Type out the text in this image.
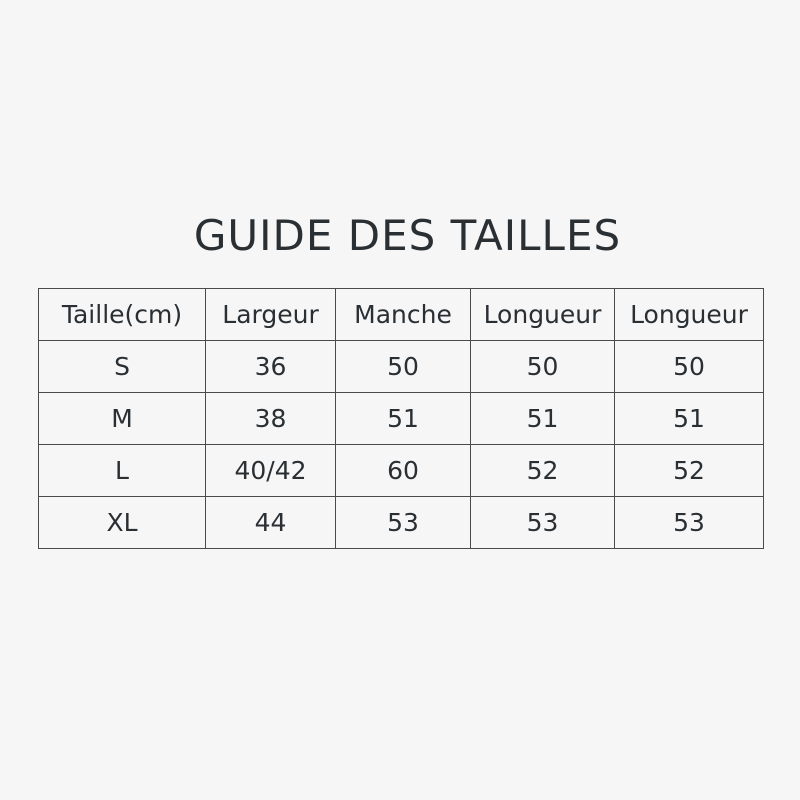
GUIDE DES TAILLES
Taille(cm)	Largeur	Manche	Longueur	Longueur
S	36	50	50	50
M	38	51	51	51
L	40/42	60	52	52
XL	44	53	53	53
